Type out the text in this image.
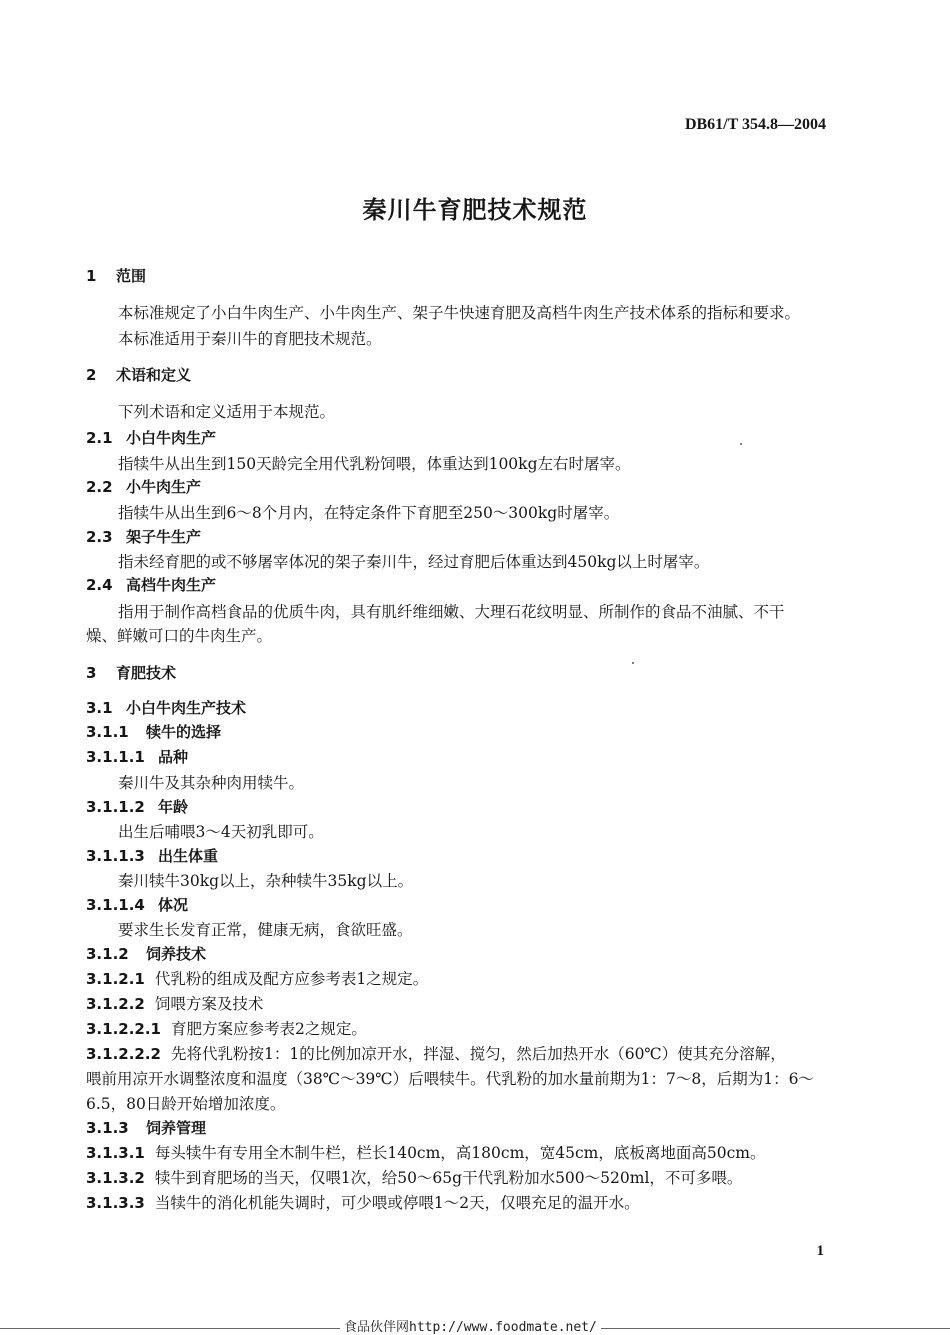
DB61/T 354.8—2004
秦川牛育肥技术规范
1 范围
本标准规定了小白牛肉生产、小牛肉生产、架子牛快速育肥及高档牛肉生产技术体系的指标和要求。
本标准适用于秦川牛的育肥技术规范。
2 术语和定义
下列术语和定义适用于本规范。
2.1 小白牛肉生产
指犊牛从出生到150天龄完全用代乳粉饲喂，体重达到100kg左右时屠宰。
2.2 小牛肉生产
指犊牛从出生到6～8个月内，在特定条件下育肥至250～300kg时屠宰。
2.3 架子牛生产
指未经育肥的或不够屠宰体况的架子秦川牛，经过育肥后体重达到450kg以上时屠宰。
2.4 高档牛肉生产
指用于制作高档食品的优质牛肉，具有肌纤维细嫩、大理石花纹明显、所制作的食品不油腻、不干
燥、鲜嫩可口的牛肉生产。
3 育肥技术
3.1 小白牛肉生产技术
3.1.1 犊牛的选择
3.1.1.1 品种
秦川牛及其杂种肉用犊牛。
3.1.1.2 年龄
出生后哺喂3～4天初乳即可。
3.1.1.3 出生体重
秦川犊牛30kg以上，杂种犊牛35kg以上。
3.1.1.4 体况
要求生长发育正常，健康无病，食欲旺盛。
3.1.2 饲养技术
3.1.2.1 代乳粉的组成及配方应参考表1之规定。
3.1.2.2 饲喂方案及技术
3.1.2.2.1 育肥方案应参考表2之规定。
3.1.2.2.2 先将代乳粉按1：1的比例加凉开水，拌湿、搅匀，然后加热开水（60℃）使其充分溶解，
喂前用凉开水调整浓度和温度（38℃～39℃）后喂犊牛。代乳粉的加水量前期为1：7～8，后期为1：6～
6.5，80日龄开始增加浓度。
3.1.3 饲养管理
3.1.3.1 每头犊牛有专用全木制牛栏，栏长140cm，高180cm，宽45cm，底板离地面高50cm。
3.1.3.2 犊牛到育肥场的当天，仅喂1次，给50～65g干代乳粉加水500～520ml，不可多喂。
3.1.3.3 当犊牛的消化机能失调时，可少喂或停喂1～2天，仅喂充足的温开水。
1
食品伙伴网http://www.foodmate.net/
